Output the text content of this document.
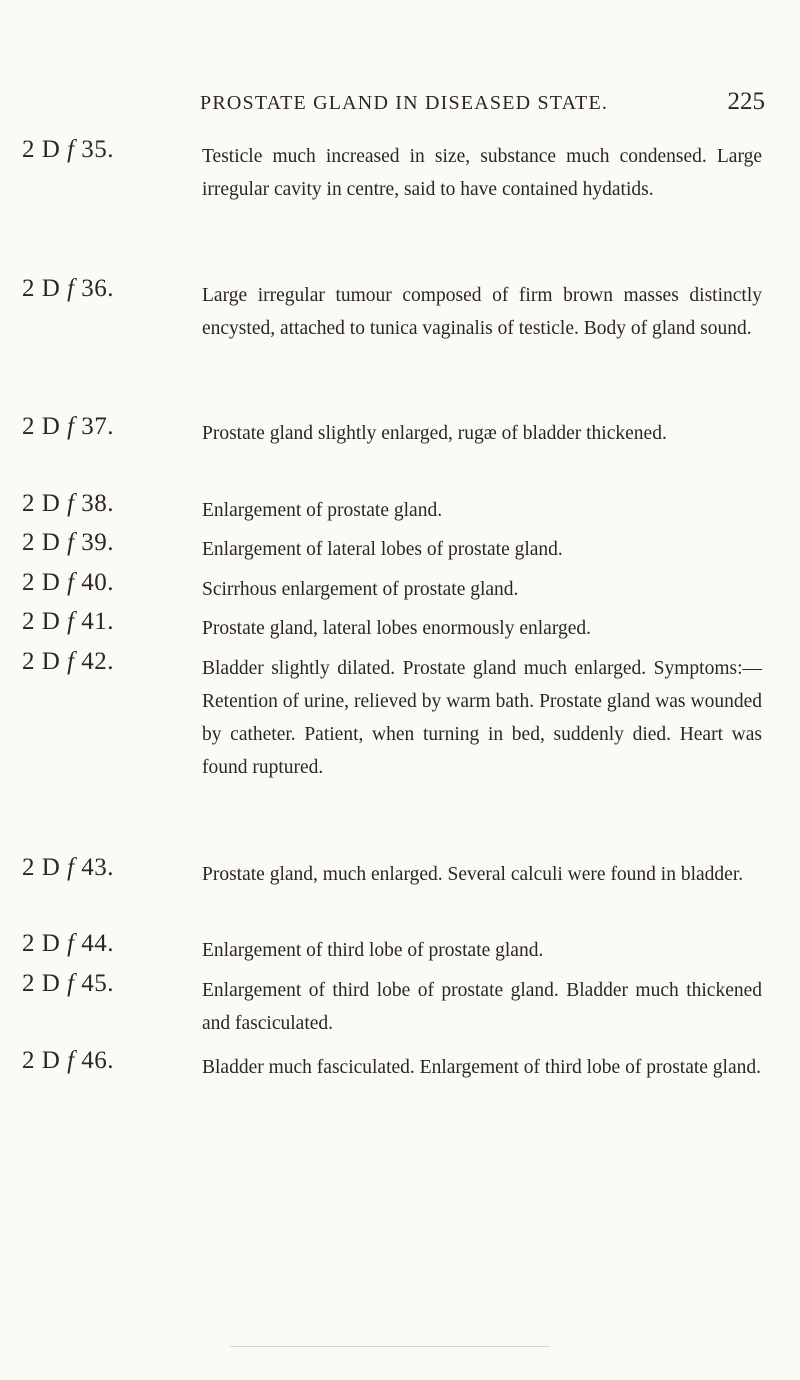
PROSTATE GLAND IN DISEASED STATE.	225
2 D f 35.	Testicle much increased in size, substance much condensed. Large irregular cavity in centre, said to have contained hydatids.
2 D f 36.	Large irregular tumour composed of firm brown masses distinctly encysted, attached to tunica vaginalis of testicle. Body of gland sound.
2 D f 37.	Prostate gland slightly enlarged, rugæ of bladder thickened.
2 D f 38.	Enlargement of prostate gland.
2 D f 39.	Enlargement of lateral lobes of prostate gland.
2 D f 40.	Scirrhous enlargement of prostate gland.
2 D f 41.	Prostate gland, lateral lobes enormously enlarged.
2 D f 42.	Bladder slightly dilated. Prostate gland much enlarged. Symptoms:—Retention of urine, relieved by warm bath. Prostate gland was wounded by catheter. Patient, when turning in bed, suddenly died. Heart was found ruptured.
2 D f 43.	Prostate gland, much enlarged. Several calculi were found in bladder.
2 D f 44.	Enlargement of third lobe of prostate gland.
2 D f 45.	Enlargement of third lobe of prostate gland. Bladder much thickened and fasciculated.
2 D f 46.	Bladder much fasciculated. Enlargement of third lobe of prostate gland.
